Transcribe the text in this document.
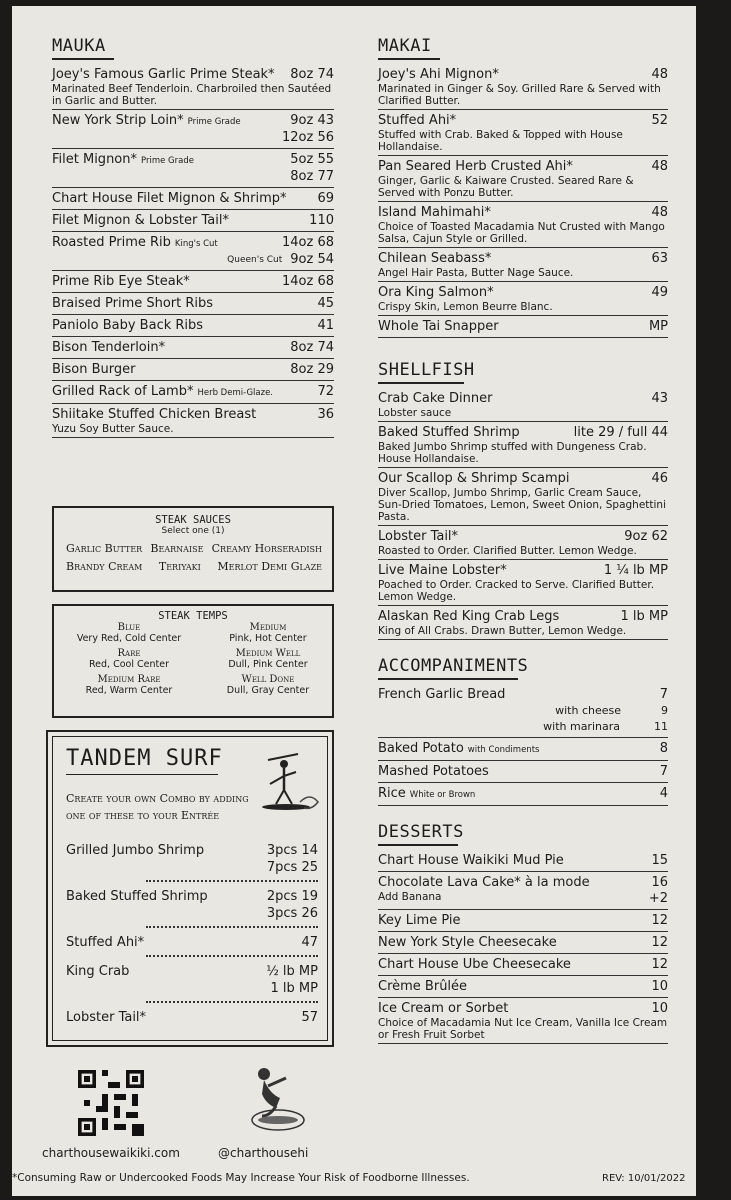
MAUKA
Joey's Famous Garlic Prime Steak* 8oz 74
Marinated Beef Tenderloin. Charbroiled then Sautéed in Garlic and Butter.
New York Strip Loin* Prime Grade	9oz 43
12oz 56
Filet Mignon* Prime Grade	5oz 55
8oz 77
Chart House Filet Mignon & Shrimp* 69
Filet Mignon & Lobster Tail*	110
Roasted Prime Rib King's Cut	14oz 68
Queen's Cut 9oz 54
Prime Rib Eye Steak*	14oz 68
Braised Prime Short Ribs	45
Paniolo Baby Back Ribs	41
Bison Tenderloin*	8oz 74
Bison Burger	8oz 29
Grilled Rack of Lamb* Herb Demi-Glaze.	72
Shiitake Stuffed Chicken Breast	36
Yuzu Soy Butter Sauce.
STEAK SAUCES
Select one (1)
Garlic Butter Bearnaise Creamy Horseradish
Brandy Cream Teriyaki Merlot Demi Glaze
STEAK TEMPS
Blue
Very Red, Cold Center
Rare
Red, Cool Center
Medium Rare
Red, Warm Center
Medium
Pink, Hot Center
Medium Well
Dull, Pink Center
Well Done
Dull, Gray Center
TANDEM SURF
Create your own Combo by adding
one of these to your Entrée
Grilled Jumbo Shrimp	3pcs 14
7pcs 25
Baked Stuffed Shrimp	2pcs 19
3pcs 26
Stuffed Ahi*	47
King Crab	½ lb MP
1 lb MP
Lobster Tail*	57
MAKAI
Joey's Ahi Mignon*	48
Marinated in Ginger & Soy. Grilled Rare & Served with Clarified Butter.
Stuffed Ahi*	52
Stuffed with Crab. Baked & Topped with House Hollandaise.
Pan Seared Herb Crusted Ahi*	48
Ginger, Garlic & Kaiware Crusted. Seared Rare & Served with Ponzu Butter.
Island Mahimahi*	48
Choice of Toasted Macadamia Nut Crusted with Mango Salsa, Cajun Style or Grilled.
Chilean Seabass*	63
Angel Hair Pasta, Butter Nage Sauce.
Ora King Salmon*	49
Crispy Skin, Lemon Beurre Blanc.
Whole Tai Snapper	MP
SHELLFISH
Crab Cake Dinner	43
Lobster sauce
Baked Stuffed Shrimp	lite 29 / full 44
Baked Jumbo Shrimp stuffed with Dungeness Crab. House Hollandaise.
Our Scallop & Shrimp Scampi	46
Diver Scallop, Jumbo Shrimp, Garlic Cream Sauce, Sun-Dried Tomatoes, Lemon, Sweet Onion, Spaghettini Pasta.
Lobster Tail*	9oz 62
Roasted to Order. Clarified Butter. Lemon Wedge.
Live Maine Lobster*	1 ¼ lb MP
Poached to Order. Cracked to Serve. Clarified Butter. Lemon Wedge.
Alaskan Red King Crab Legs	1 lb MP
King of All Crabs. Drawn Butter, Lemon Wedge.
ACCOMPANIMENTS
French Garlic Bread	7
with cheese	9
with marinara	11
Baked Potato with Condiments	8
Mashed Potatoes	7
Rice White or Brown	4
DESSERTS
Chart House Waikiki Mud Pie	15
Chocolate Lava Cake* à la mode	16
Add Banana	+2
Key Lime Pie	12
New York Style Cheesecake	12
Chart House Ube Cheesecake	12
Crème Brûlée	10
Ice Cream or Sorbet	10
Choice of Macadamia Nut Ice Cream, Vanilla Ice Cream or Fresh Fruit Sorbet
charthousewaikiki.com	@charthousehi
*Consuming Raw or Undercooked Foods May Increase Your Risk of Foodborne Illnesses.	REV: 10/01/2022
